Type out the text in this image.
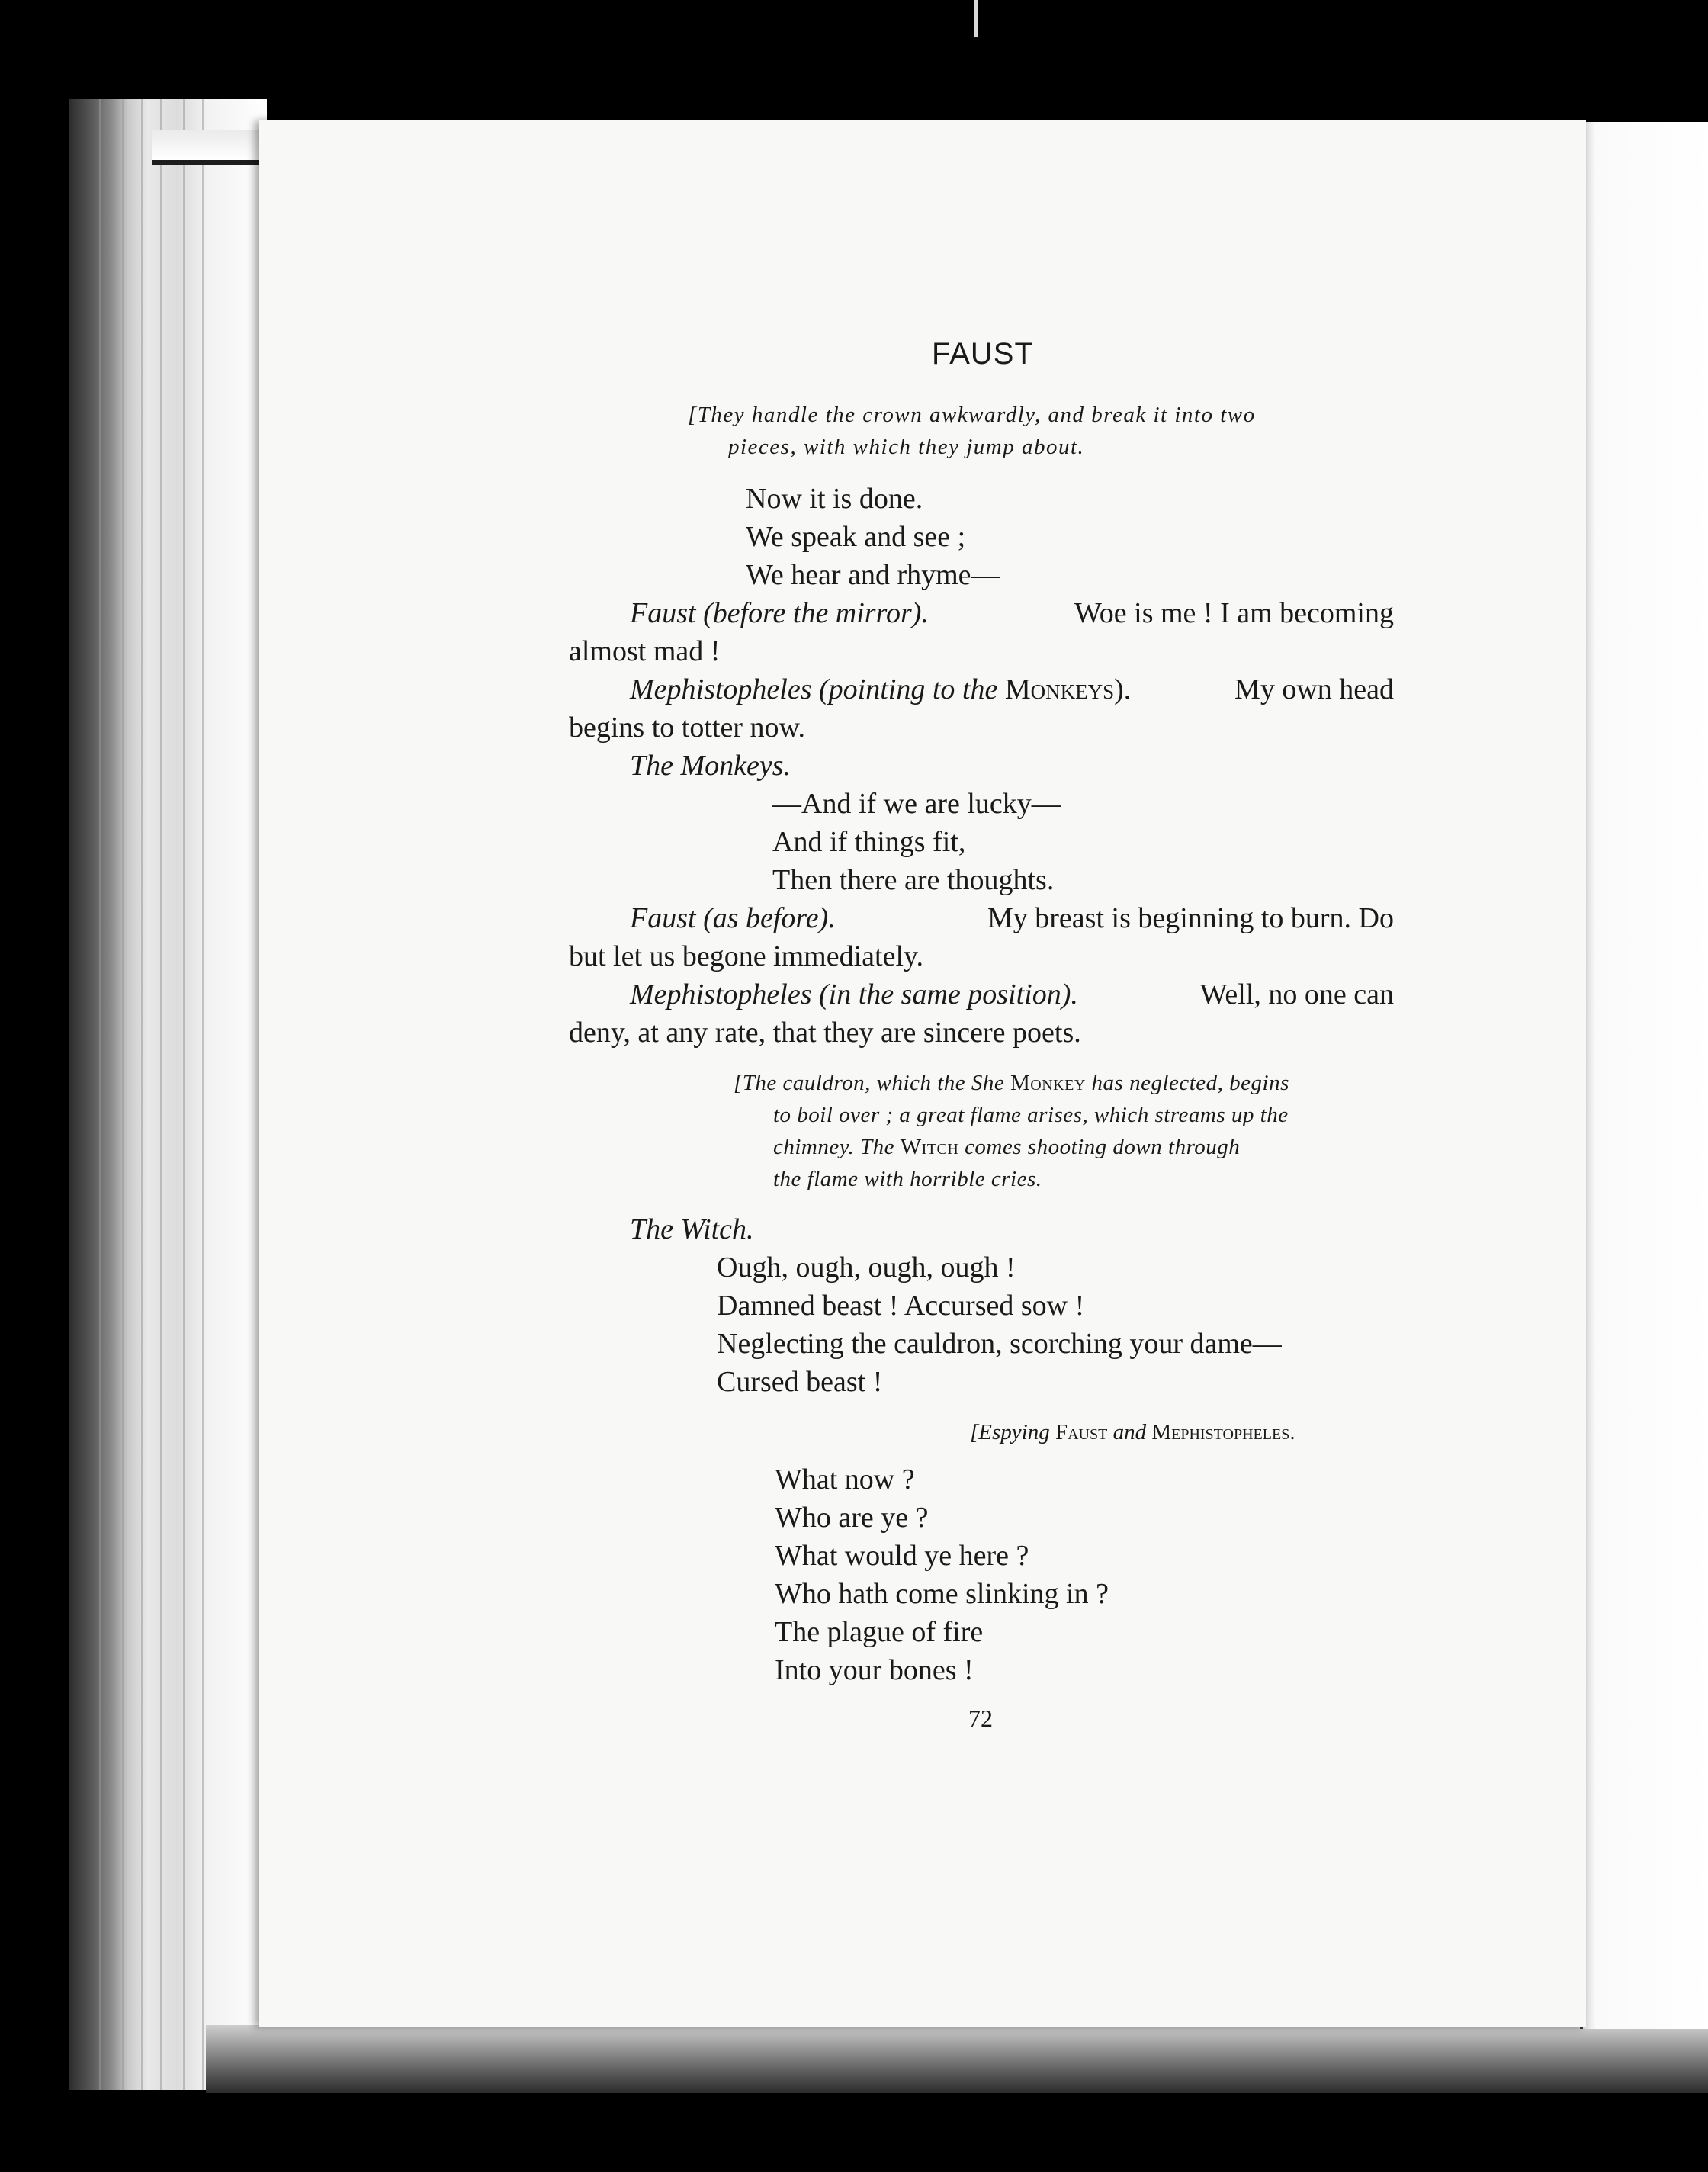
FAUST
[They handle the crown awkwardly, and break it into two
pieces, with which they jump about.
Now it is done.
We speak and see ;
We hear and rhyme—
Faust (before the mirror).	Woe is me ! I am becoming
almost mad !
Mephistopheles (pointing to the Monkeys).	My own head
begins to totter now.
The Monkeys.
—And if we are lucky—
And if things fit,
Then there are thoughts.
Faust (as before).	My breast is beginning to burn. Do
but let us begone immediately.
Mephistopheles (in the same position).	Well, no one can
deny, at any rate, that they are sincere poets.
[The cauldron, which the She Monkey has neglected, begins
to boil over ; a great flame arises, which streams up the
chimney. The Witch comes shooting down through
the flame with horrible cries.
The Witch.
Ough, ough, ough, ough !
Damned beast ! Accursed sow !
Neglecting the cauldron, scorching your dame—
Cursed beast !
[Espying Faust and Mephistopheles.
What now ?
Who are ye ?
What would ye here ?
Who hath come slinking in ?
The plague of fire
Into your bones !
72
